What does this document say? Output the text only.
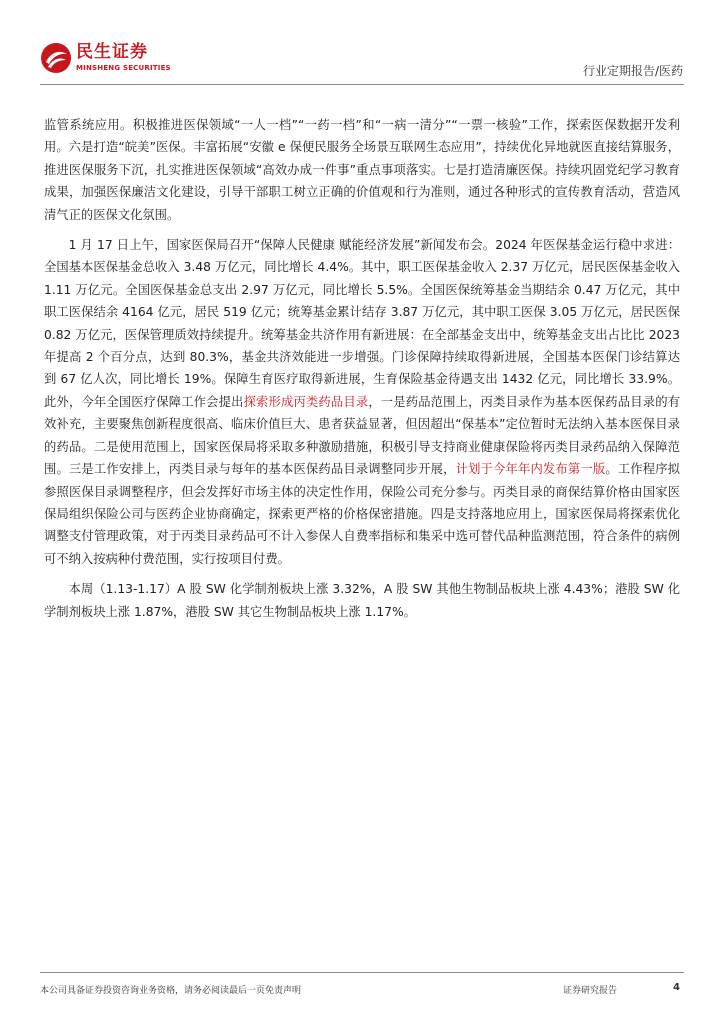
民生证券
MINSHENG SECURITIES	行业定期报告/医药

监管系统应用。积极推进医保领域“一人一档”“一药一档”和“一病一清分”“一票一核验”工作，探索医保数据开发利用。六是打造“皖美”医保。丰富拓展“安徽 e 保便民服务全场景互联网生态应用”，持续优化异地就医直接结算服务，推进医保服务下沉，扎实推进医保领域“高效办成一件事”重点事项落实。七是打造清廉医保。持续巩固党纪学习教育成果，加强医保廉洁文化建设，引导干部职工树立正确的价值观和行为准则，通过各种形式的宣传教育活动，营造风清气正的医保文化氛围。

1 月 17 日上午，国家医保局召开“保障人民健康 赋能经济发展”新闻发布会。2024 年医保基金运行稳中求进：全国基本医保基金总收入 3.48 万亿元，同比增长 4.4%。其中，职工医保基金收入 2.37 万亿元，居民医保基金收入 1.11 万亿元。全国医保基金总支出 2.97 万亿元，同比增长 5.5%。全国医保统筹基金当期结余 0.47 万亿元，其中职工医保结余 4164 亿元，居民 519 亿元；统筹基金累计结存 3.87 万亿元，其中职工医保 3.05 万亿元，居民医保 0.82 万亿元，医保管理质效持续提升。统筹基金共济作用有新进展：在全部基金支出中，统筹基金支出占比比 2023 年提高 2 个百分点，达到 80.3%，基金共济效能进一步增强。门诊保障持续取得新进展，全国基本医保门诊结算达到 67 亿人次，同比增长 19%。保障生育医疗取得新进展，生育保险基金待遇支出 1432 亿元，同比增长 33.9%。此外，今年全国医疗保障工作会提出探索形成丙类药品目录，一是药品范围上，丙类目录作为基本医保药品目录的有效补充，主要聚焦创新程度很高、临床价值巨大、患者获益显著，但因超出“保基本”定位暂时无法纳入基本医保目录的药品。二是使用范围上，国家医保局将采取多种激励措施，积极引导支持商业健康保险将丙类目录药品纳入保障范围。三是工作安排上，丙类目录与每年的基本医保药品目录调整同步开展，计划于今年年内发布第一版。工作程序拟参照医保目录调整程序，但会发挥好市场主体的决定性作用，保险公司充分参与。丙类目录的商保结算价格由国家医保局组织保险公司与医药企业协商确定，探索更严格的价格保密措施。四是支持落地应用上，国家医保局将探索优化调整支付管理政策，对于丙类目录药品可不计入参保人自费率指标和集采中选可替代品种监测范围，符合条件的病例可不纳入按病种付费范围，实行按项目付费。

本周（1.13-1.17）A 股 SW 化学制剂板块上涨 3.32%，A 股 SW 其他生物制品板块上涨 4.43%；港股 SW 化学制剂板块上涨 1.87%，港股 SW 其它生物制品板块上涨 1.17%。

本公司具备证券投资咨询业务资格，请务必阅读最后一页免责声明	证券研究报告	4
